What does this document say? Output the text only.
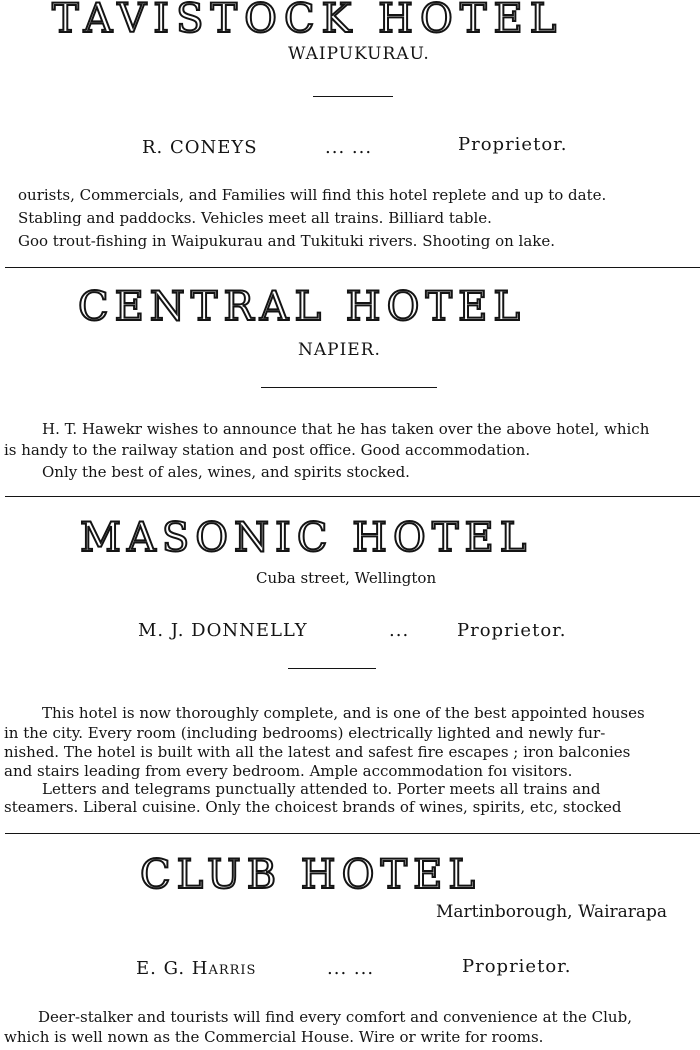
TAVISTOCK HOTEL
WAIPUKURAU.
R. CONEYS	... ...	Proprietor.
ourists, Commercials, and Families will find this hotel replete and up to date.
Stabling and paddocks. Vehicles meet all trains. Billiard table.
Goo trout-fishing in Waipukurau and Tukituki rivers. Shooting on lake.
CENTRAL HOTEL
NAPIER.
H. T. Hawekr wishes to announce that he has taken over the above hotel, which
is handy to the railway station and post office. Good accommodation.
Only the best of ales, wines, and spirits stocked.
MASONIC HOTEL
Cuba street, Wellington
M. J. DONNELLY	...	Proprietor.
This hotel is now thoroughly complete, and is one of the best appointed houses
in the city. Every room (including bedrooms) electrically lighted and newly fur-
nished. The hotel is built with all the latest and safest fire escapes ; iron balconies
and stairs leading from every bedroom. Ample accommodation foı visitors.
Letters and telegrams punctually attended to. Porter meets all trains and
steamers. Liberal cuisine. Only the choicest brands of wines, spirits, etc, stocked
CLUB HOTEL
Martinborough, Wairarapa
E. G. Harris	... ...	Proprietor.
Deer-stalker and tourists will find every comfort and convenience at the Club,
which is well nown as the Commercial House. Wire or write for rooms.
